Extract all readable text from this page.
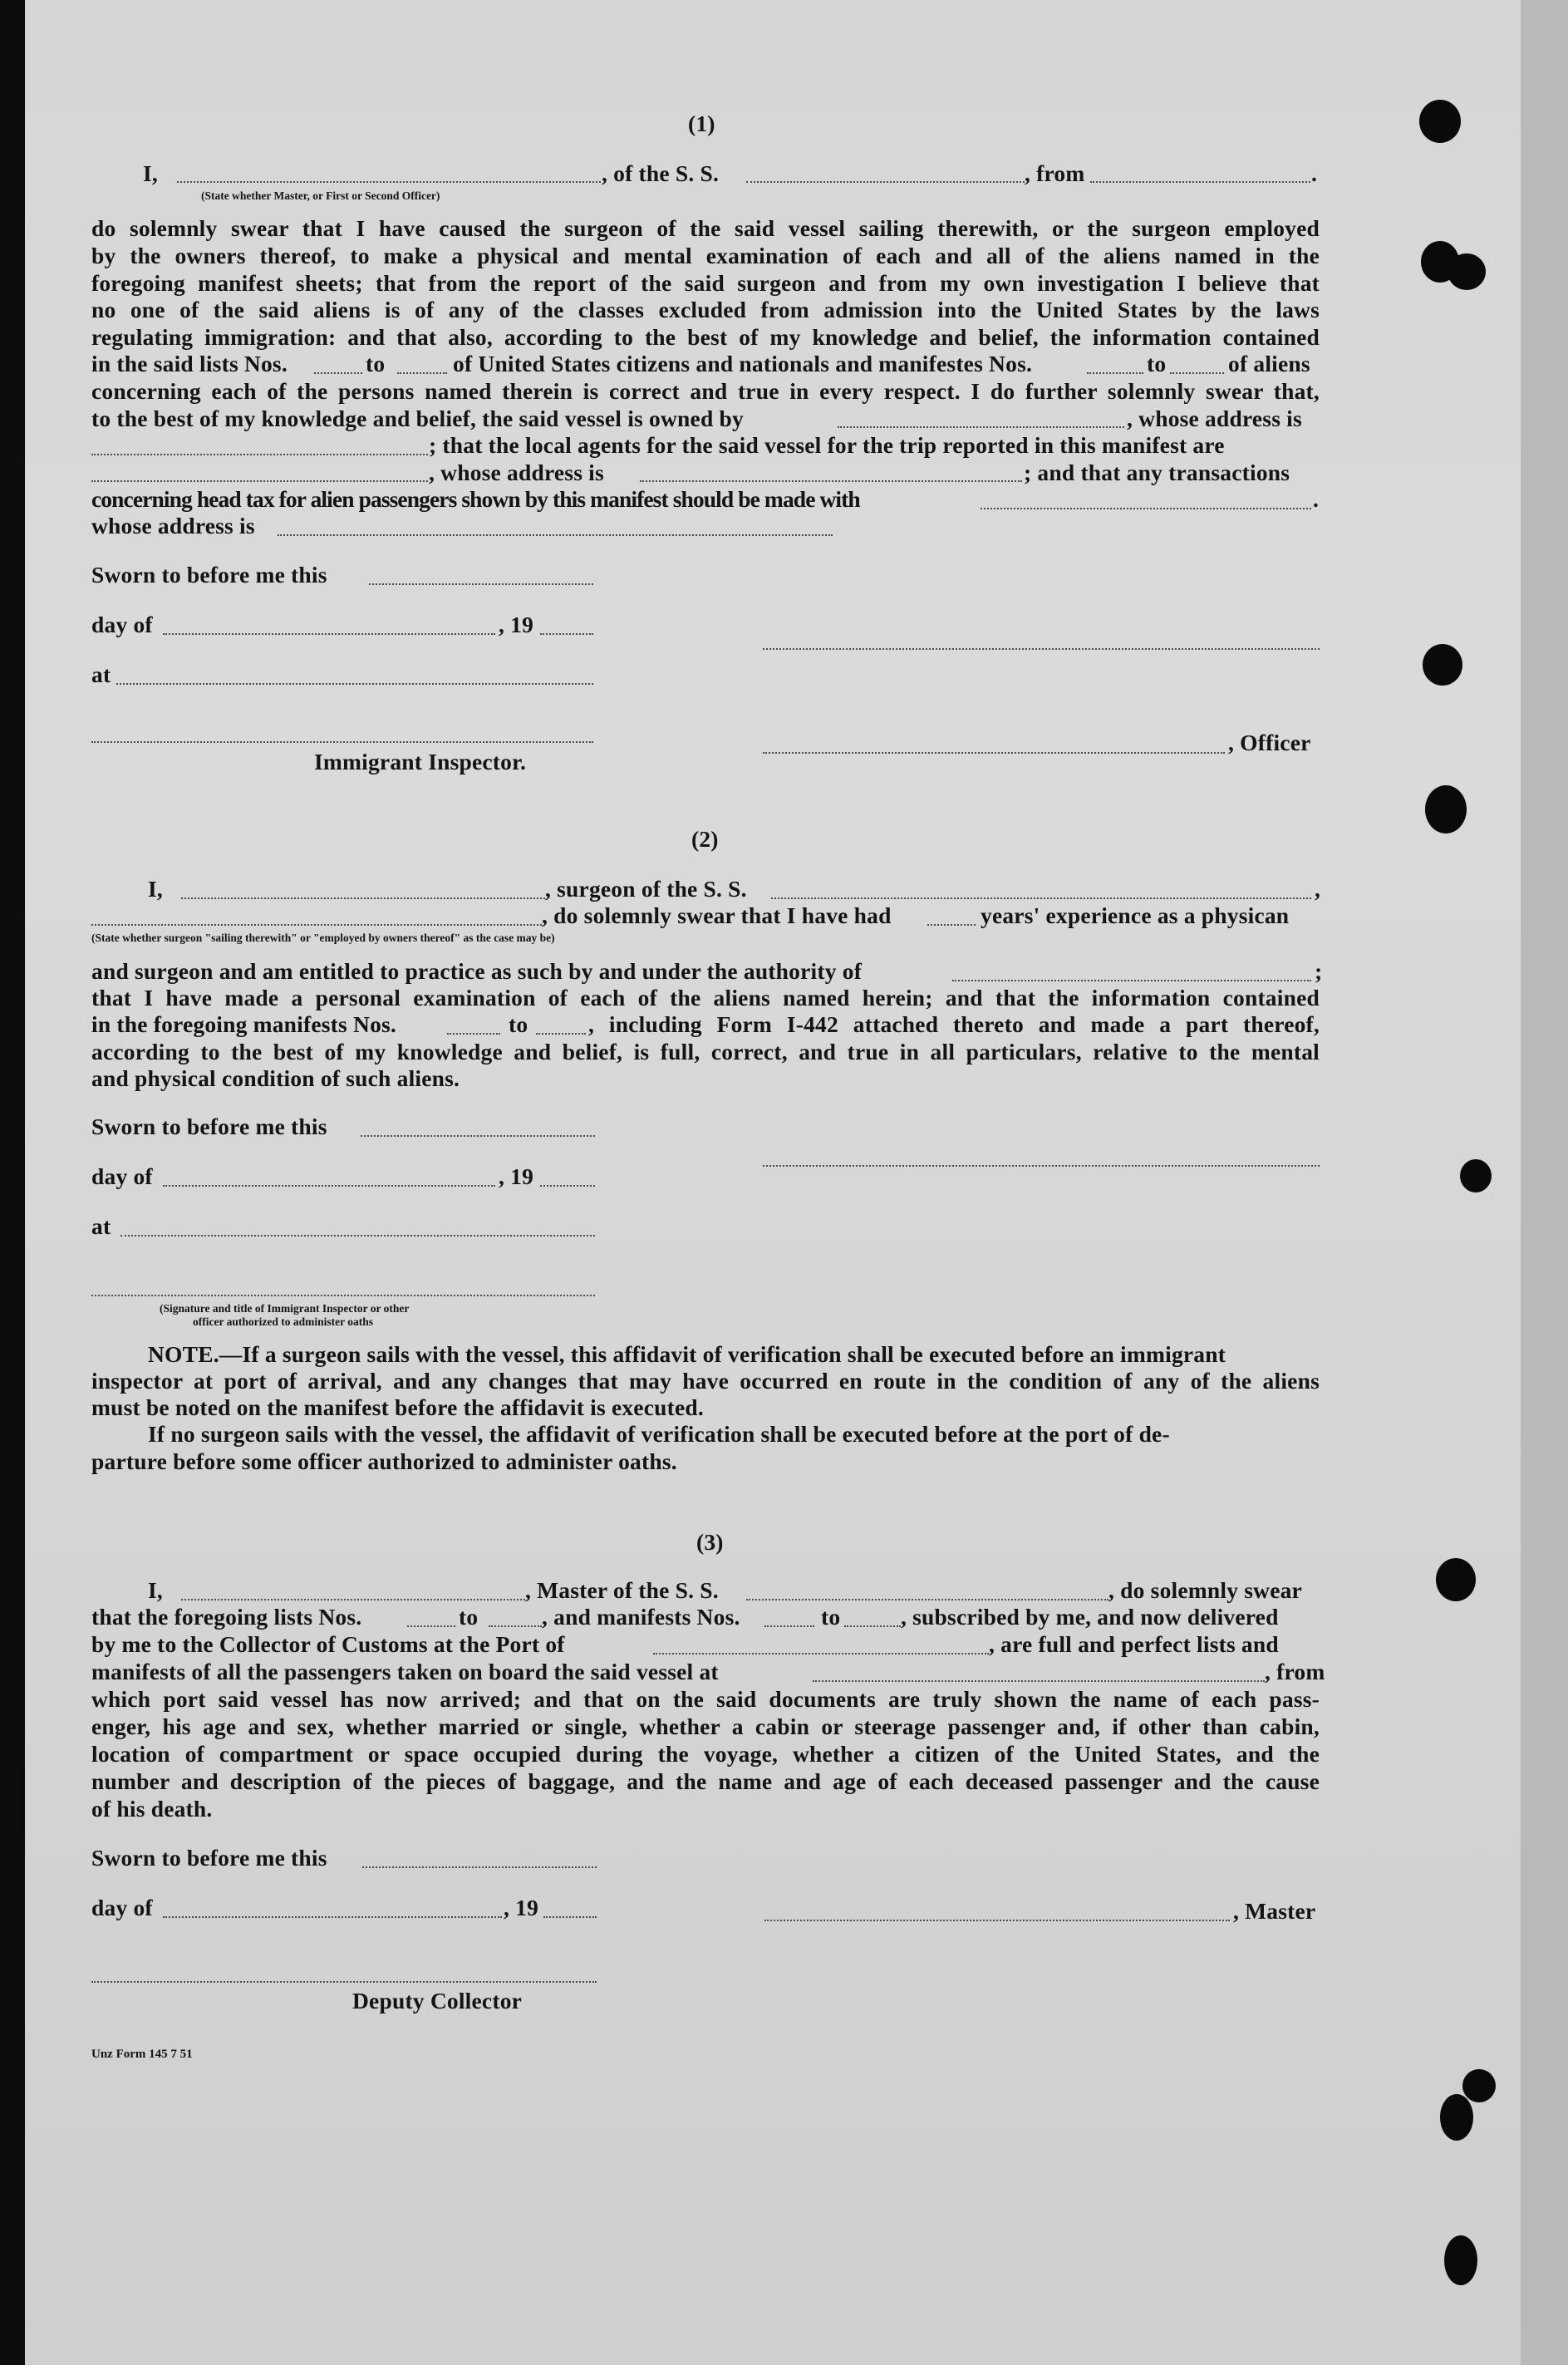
(1)
I,	, of the S. S.	, from	.
(State whether Master, or First or Second Officer)
do solemnly swear that I have caused the surgeon of the said vessel sailing therewith, or the surgeon employed
by the owners thereof, to make a physical and mental examination of each and all of the aliens named in the
foregoing manifest sheets; that from the report of the said surgeon and from my own investigation I believe that
no one of the said aliens is of any of the classes excluded from admission into the United States by the laws
regulating immigration: and that also, according to the best of my knowledge and belief, the information contained
in the said lists Nos.	to	of United States citizens and nationals and manifestes Nos.	to	of aliens
concerning each of the persons named therein is correct and true in every respect. I do further solemnly swear that,
to the best of my knowledge and belief, the said vessel is owned by	, whose address is
; that the local agents for the said vessel for the trip reported in this manifest are
, whose address is	; and that any transactions
concerning head tax for alien passengers shown by this manifest should be made with	.
whose address is
Sworn to before me this
day of	, 19
at
, Officer
Immigrant Inspector.
(2)
I,	, surgeon of the S. S.	,
, do solemnly swear that I have had	years' experience as a physican
(State whether surgeon "sailing therewith" or "employed by owners thereof" as the case may be)
and surgeon and am entitled to practice as such by and under the authority of	;
that I have made a personal examination of each of the aliens named herein; and that the information contained
in the foregoing manifests Nos.	to	, including Form I-442 attached thereto and made a part thereof,
according to the best of my knowledge and belief, is full, correct, and true in all particulars, relative to the mental
and physical condition of such aliens.
Sworn to before me this
day of	, 19
at
(Signature and title of Immigrant Inspector or other
officer authorized to administer oaths
NOTE.—If a surgeon sails with the vessel, this affidavit of verification shall be executed before an immigrant
inspector at port of arrival, and any changes that may have occurred en route in the condition of any of the aliens
must be noted on the manifest before the affidavit is executed.
If no surgeon sails with the vessel, the affidavit of verification shall be executed before at the port of de-
parture before some officer authorized to administer oaths.
(3)
I,	, Master of the S. S.	, do solemnly swear
that the foregoing lists Nos.	to	, and manifests Nos.	to	, subscribed by me, and now delivered
by me to the Collector of Customs at the Port of	, are full and perfect lists and
manifests of all the passengers taken on board the said vessel at	, from
which port said vessel has now arrived; and that on the said documents are truly shown the name of each pass-
enger, his age and sex, whether married or single, whether a cabin or steerage passenger and, if other than cabin,
location of compartment or space occupied during the voyage, whether a citizen of the United States, and the
number and description of the pieces of baggage, and the name and age of each deceased passenger and the cause
of his death.
Sworn to before me this
day of	, 19	, Master
Deputy Collector
Unz Form 145 7 51
